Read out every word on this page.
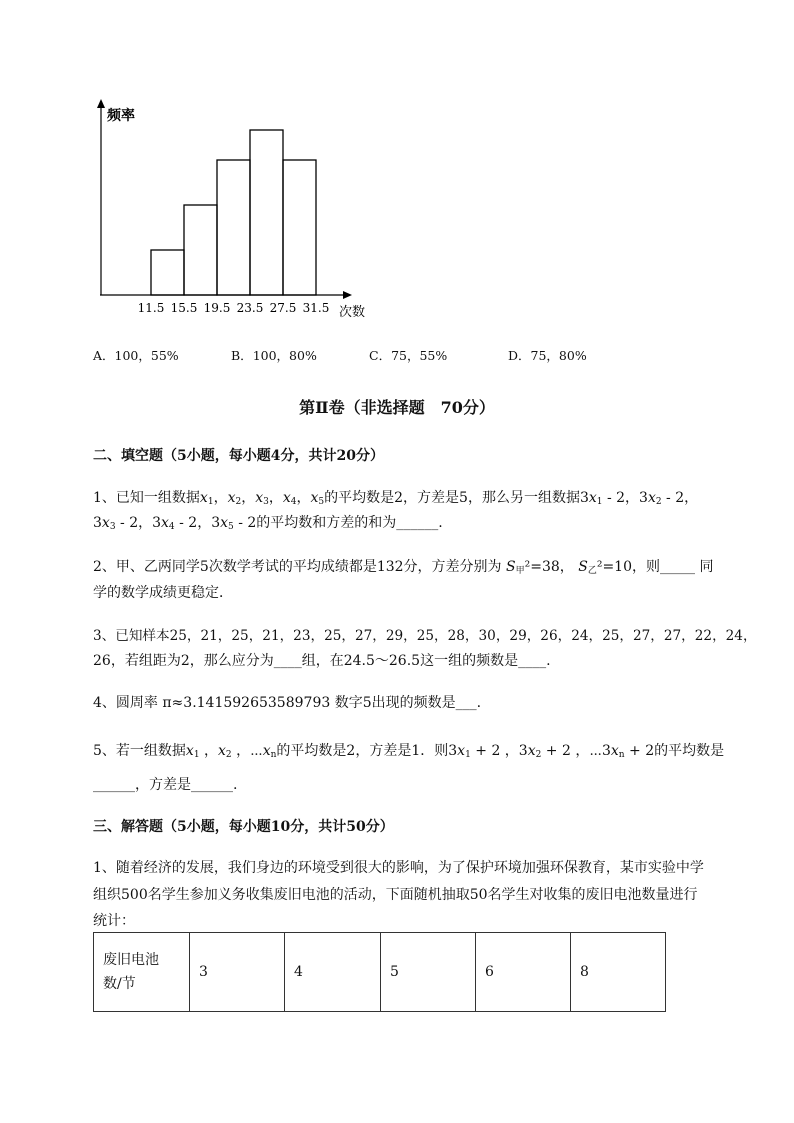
频率
次数
11.5 15.5 19.5 23.5 27.5 31.5
A．100，55%	B．100，80%	C．75，55%	D．75，80%
第Ⅱ卷（非选择题　70分）
二、填空题（5小题，每小题4分，共计20分）
1、已知一组数据$x_1$，$x_2$，$x_3$，$x_4$，$x_5$的平均数是2，方差是5，那么另一组数据$3x_1 - 2$，$3x_2 - 2$，
$3x_3 - 2$，$3x_4 - 2$，$3x_5 - 2$的平均数和方差的和为______.
2、甲、乙两同学5次数学考试的平均成绩都是132分，方差分别为 $S_甲^2=38$， $S_乙^2=10$，则_____ 同
学的数学成绩更稳定．
3、已知样本25，21，25，21，23，25，27，29，25，28，30，29，26，24，25，27，27，22，24，
26，若组距为2，那么应分为____组，在24.5～26.5这一组的频数是____.
4、圆周率 π≈3.141592653589793 数字5出现的频数是___.
5、若一组数据$x_1$ ，$x_2$ ，$\cdots x_n$的平均数是2，方差是1．则$3x_1 + 2$ ，$3x_2 + 2$ ，$\cdots 3x_n + 2$的平均数是
______，方差是______.
三、解答题（5小题，每小题10分，共计50分）
1、随着经济的发展，我们身边的环境受到很大的影响，为了保护环境加强环保教育，某市实验中学
组织500名学生参加义务收集废旧电池的活动，下面随机抽取50名学生对收集的废旧电池数量进行
统计：
废旧电池
数/节	3	4	5	6	8
